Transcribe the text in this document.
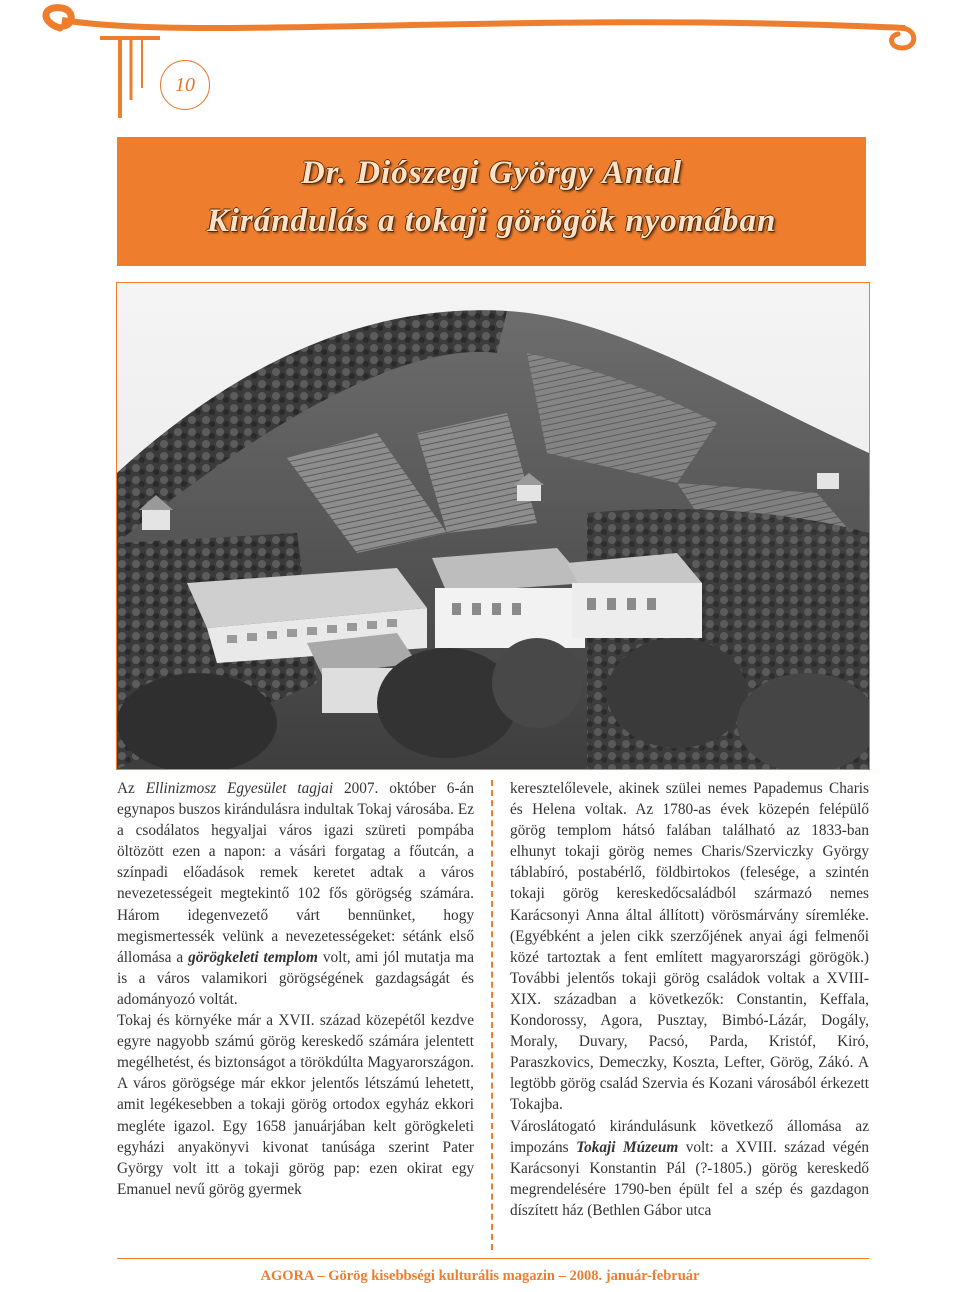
10
Dr. Diószegi György Antal
Kirándulás a tokaji görögök nyomában

Az Ellinizmosz Egyesület tagjai 2007. október 6-án egynapos buszos kirándulásra indultak Tokaj városába. Ez a csodálatos hegyaljai város igazi szüreti pompába öltözött ezen a napon: a vásári forgatag a főutcán, a színpadi előadások remek keretet adtak a város nevezetességeit megtekintő 102 fős görögség számára. Három idegenvezető várt bennünket, hogy megismertessék velünk a nevezetességeket: sétánk első állomása a görögkeleti templom volt, ami jól mutatja ma is a város valamikori görögségének gazdagságát és adományozó voltát.

Tokaj és környéke már a XVII. század közepétől kezdve egyre nagyobb számú görög kereskedő számára jelentett megélhetést, és biztonságot a törökdúlta Magyarországon. A város görögsége már ekkor jelentős létszámú lehetett, amit legékesebben a tokaji görög ortodox egyház ekkori megléte igazol. Egy 1658 januárjában kelt görögkeleti egyházi anyakönyvi kivonat tanúsága szerint Pater György volt itt a tokaji görög pap: ezen okirat egy Emanuel nevű görög gyermek

keresztelőlevele, akinek szülei nemes Papademus Charis és Helena voltak. Az 1780-as évek közepén felépülő görög templom hátsó falában található az 1833-ban elhunyt tokaji görög nemes Charis/Szerviczky György táblabíró, postabérlő, földbirtokos (felesége, a szintén tokaji görög kereskedőcsaládból származó nemes Karácsonyi Anna által állított) vörösmárvány síremléke. (Egyébként a jelen cikk szerzőjének anyai ági felmenői közé tartoztak a fent említett magyarországi görögök.) További jelentős tokaji görög családok voltak a XVIII-XIX. században a következők: Constantin, Keffala, Kondorossy, Agora, Pusztay, Bimbó-Lázár, Dogály, Moraly, Duvary, Pacsó, Parda, Kristóf, Kiró, Paraszkovics, Demeczky, Koszta, Lefter, Görög, Zákó. A legtöbb görög család Szervia és Kozani városából érkezett Tokajba.

Városlátogató kirándulásunk következő állomása az impozáns Tokaji Múzeum volt: a XVIII. század végén Karácsonyi Konstantin Pál (?-1805.) görög kereskedő megrendelésére 1790-ben épült fel a szép és gazdagon díszített ház (Bethlen Gábor utca

AGORA – Görög kisebbségi kulturális magazin – 2008. január-február
